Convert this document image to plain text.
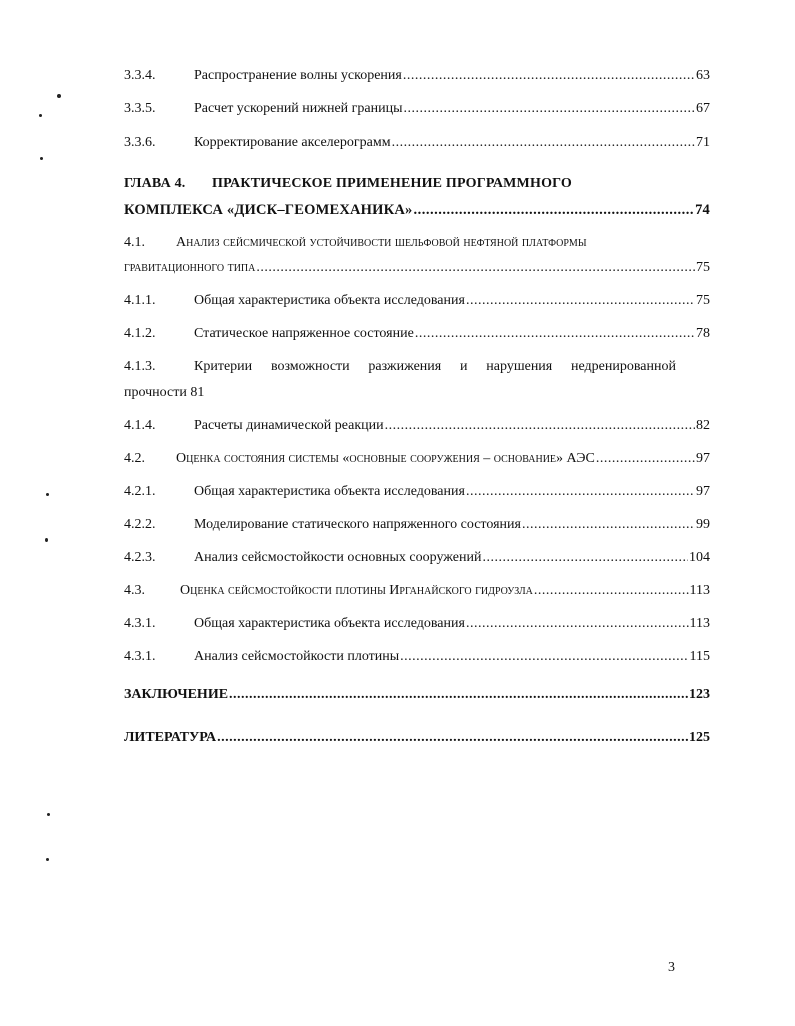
3.3.4.	Распространение волны ускорения .....	63
3.3.5.	Расчет ускорений нижней границы .....	67
3.3.6.	Корректирование акселерограмм .....	71
ГЛАВА 4. ПРАКТИЧЕСКОЕ ПРИМЕНЕНИЕ ПРОГРАММНОГО
КОМПЛЕКСА «ДИСК–ГЕОМЕХАНИКА» .....	74
4.1. Анализ сейсмической устойчивости шельфовой нефтяной платформы
гравитационного типа .....	75
4.1.1.	Общая характеристика объекта исследования .....	75
4.1.2.	Статическое напряженное состояние .....	78
4.1.3.	Критерии возможности разжижения и нарушения недренированной
прочности 81
4.1.4.	Расчеты динамической реакции .....	82
4.2.	Оценка состояния системы «основные сооружения – основание» АЭС .....	97
4.2.1.	Общая характеристика объекта исследования .....	97
4.2.2.	Моделирование статического напряженного состояния .....	99
4.2.3.	Анализ сейсмостойкости основных сооружений .....	104
4.3.	Оценка сейсмостойкости плотины Ирганайского гидроузла .....	113
4.3.1.	Общая характеристика объекта исследования .....	113
4.3.1.	Анализ сейсмостойкости плотины .....	115
ЗАКЛЮЧЕНИЕ .....	123
ЛИТЕРАТУРА .....	125
3
